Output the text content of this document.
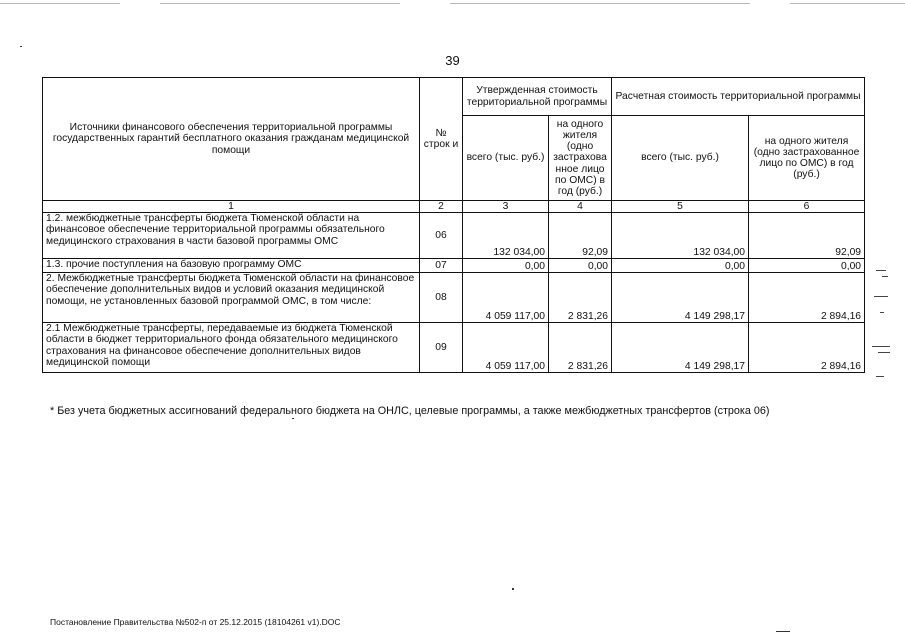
39
Источники финансового обеспечения территориальной программы государственных гарантий бесплатного оказания гражданам медицинской помощи	№ строк и	Утвержденная стоимость территориальной программы		Расчетная стоимость территориальной программы	
		всего (тыс. руб.)	на одного жителя (одно застрахова нное лицо по ОМС) в год (руб.)	всего (тыс. руб.)	на одного жителя (одно застрахованное лицо по ОМС) в год (руб.)
1	2	3	4	5	6
1.2. межбюджетные трансферты бюджета Тюменской области на финансовое обеспечение территориальной программы обязательного медицинского страхования в части базовой программы ОМС	06	132 034,00	92,09	132 034,00	92,09
1.3. прочие поступления на базовую программу ОМС	07	0,00	0,00	0,00	0,00
2. Межбюджетные трансферты бюджета Тюменской области на финансовое обеспечение дополнительных видов и условий оказания медицинской помощи, не установленных базовой программой ОМС, в том числе:	08	4 059 117,00	2 831,26	4 149 298,17	2 894,16
2.1 Межбюджетные трансферты, передаваемые из бюджета Тюменской области в бюджет территориального фонда обязательного медицинского страхования на финансовое обеспечение дополнительных видов медицинской помощи	09	4 059 117,00	2 831,26	4 149 298,17	2 894,16
* Без учета бюджетных ассигнований федерального бюджета на ОНЛС, целевые программы, а также межбюджетных трансфертов (строка 06)
Постановление Правительства №502-п от 25.12.2015 (18104261 v1).DOC
